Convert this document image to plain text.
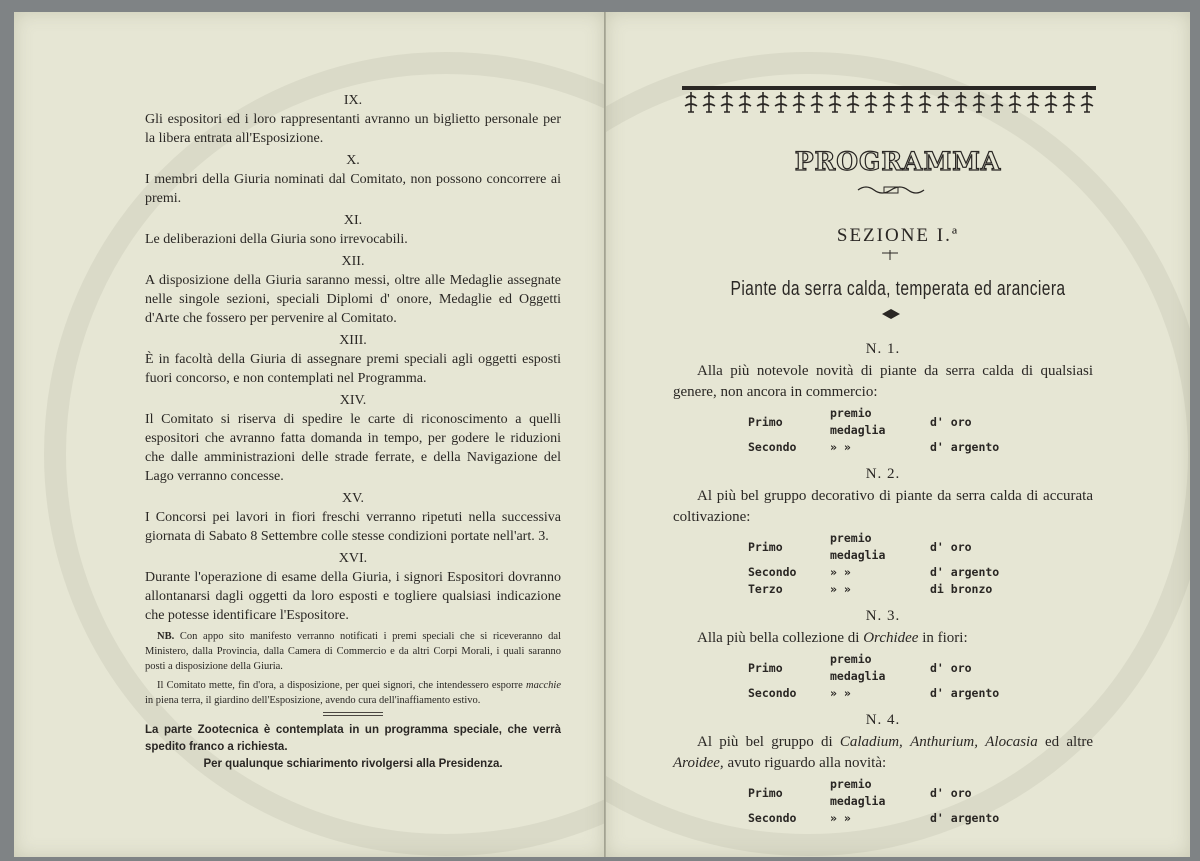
IX.

Gli espositori ed i loro rappresentanti avranno un biglietto personale per la libera entrata all'Esposizione.

X.

I membri della Giuria nominati dal Comitato, non possono concorrere ai premi.

XI.

Le deliberazioni della Giuria sono irrevocabili.

XII.

A disposizione della Giuria saranno messi, oltre alle Medaglie assegnate nelle singole sezioni, speciali Diplomi d' onore, Medaglie ed Oggetti d'Arte che fossero per pervenire al Comitato.

XIII.

È in facoltà della Giuria di assegnare premi speciali agli oggetti esposti fuori concorso, e non contemplati nel Programma.

XIV.

Il Comitato si riserva di spedire le carte di riconoscimento a quelli espositori che avranno fatta domanda in tempo, per godere le riduzioni che dalle amministrazioni delle strade ferrate, e della Navigazione del Lago verranno concesse.

XV.

I Concorsi pei lavori in fiori freschi verranno ripetuti nella successiva giornata di Sabato 8 Settembre colle stesse condizioni portate nell'art. 3.

XVI.

Durante l'operazione di esame della Giuria, i signori Espositori dovranno allontanarsi dagli oggetti da loro esposti e togliere qualsiasi indicazione che potesse identificare l'Espositore.

NB. Con appo sito manifesto verranno notificati i premi speciali che si riceveranno dal Ministero, dalla Provincia, dalla Camera di Commercio e da altri Corpi Morali, i quali saranno posti a disposizione della Giuria.

Il Comitato mette, fin d'ora, a disposizione, per quei signori, che intendessero esporre macchie in piena terra, il giardino dell'Esposizione, avendo cura dell'inaffiamento estivo.

La parte Zootecnica è contemplata in un programma speciale, che verrà spedito franco a richiesta.

Per qualunque schiarimento rivolgersi alla Presidenza.

PROGRAMMA
SEZIONE I.ª
Piante da serra calda, temperata ed aranciera

N. 1.

Alla più notevole novità di piante da serra calda di qualsiasi genere, non ancora in commercio:

Primo	premio medaglia	d' oro
Secondo	» »	d' argento

N. 2.

Al più bel gruppo decorativo di piante da serra calda di accurata coltivazione:

Primo	premio medaglia	d' oro
Secondo	» »	d' argento
Terzo	» »	di bronzo

N. 3.

Alla più bella collezione di Orchidee in fiori:

Primo	premio medaglia	d' oro
Secondo	» »	d' argento

N. 4.

Al più bel gruppo di Caladium, Anthurium, Alocasia ed altre Aroidee, avuto riguardo alla novità:

Primo	premio medaglia	d' oro
Secondo	» »	d' argento
